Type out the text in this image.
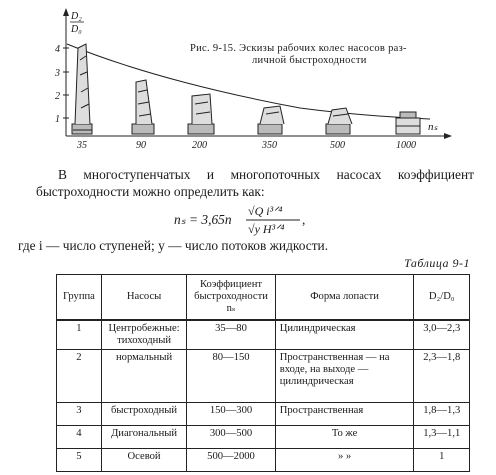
D₂
D₀
4
3
2
1
35	90	200	350	500	1000
nₛ
Рис. 9-15. Эскизы рабочих колес насосов раз-
личной быстроходности

В многоступенчатых и многопоточных насосах коэффициент быстроходности можно определить как:

nₛ = 3,65n
√Q i³ᐟ⁴
√y H³ᐟ⁴
,

где i — число ступеней; y — число потоков жидкости.

Таблица 9-1
Группа	Насосы	Коэффициент быстроходности nₛ	Форма лопасти	D₂/D₀
1	Центробежные: тихоходный	35—80	Цилиндрическая	3,0—2,3
2	нормальный	80—150	Пространственная — на входе, на выходе — цилиндрическая	2,3—1,8
3	быстроходный	150—300	Пространственная	1,8—1,3
4	Диагональный	300—500	То же	1,3—1,1
5	Осевой	500—2000	» »	1
